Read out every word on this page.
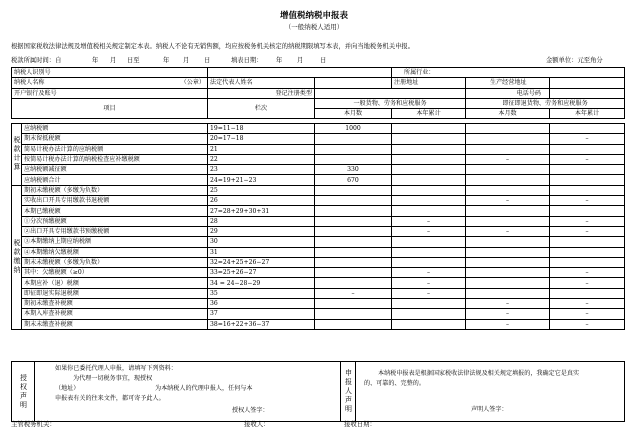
增值税纳税申报表
（一般纳税人适用）
根据国家税收法律法规及增值税相关规定制定本表。纳税人不论有无销售额，均应按税务机关核定的纳税期限填写本表，并向当地税务机关申报。
税款所属时间：自	年 月 日至	年 月 日	填表日期： 年 月	日	金额单位：元至角分
纳税人识别号			所属行业：		
纳税人名称 （公章）	法定代表人姓名		注册地址	生产经营地址	
开户银行及账号	登记注册类型			电话号码	
项目	栏次	一般货物、劳务和应税服务		即征即退货物、劳务和应税服务	
		本月数	本年累计	本月数	本年累计
税款计算	应纳税额	19=11−18	1000			
	期末留抵税额	20=17−18				–
	简易计税办法计算的应纳税额	21				
	按简易计税办法计算的纳税检查应补缴税额	22			–	–
	应纳税额减征额	23	330			
	应纳税额合计	24=19+21−23	670			
税款缴纳	期初未缴税额（多缴为负数）	25				
	实收出口开具专用缴款书退税额	26			–	–
	本期已缴税额	27=28+29+30+31				
	①分次预缴税额	28		–		–
	②出口开具专用缴款书预缴税额	29		–	–	–
	③本期缴纳上期应纳税额	30				
	④本期缴纳欠缴税额	31				
	期末未缴税额（多缴为负数）	32=24+25+26−27				
	其中：欠缴税额（≥0）	33=25+26−27		–		–
	本期应补（退）税额	34 = 24−28−29		–		–
	即征即退实际退税额	35	–	–		
	期初未缴查补税额	36			–	–
	本期入库查补税额	37			–	–
	期末未缴查补税额	38=16+22+36−37			–	–
授权声明	
如果你已委托代理人申报，请填写下列资料：
为代理一切税务事宜，现授权
（地址）	为本纳税人的代理申报人，任何与本
申报表有关的往来文件，都可寄予此人。
授权人签字：	申报人声明	本纳税申报表是根据国家税收法律法规及相关规定填报的，我确定它是真实
的、可靠的、完整的。
声明人签字：
主管税务机关：	接收人：	接收日期：
